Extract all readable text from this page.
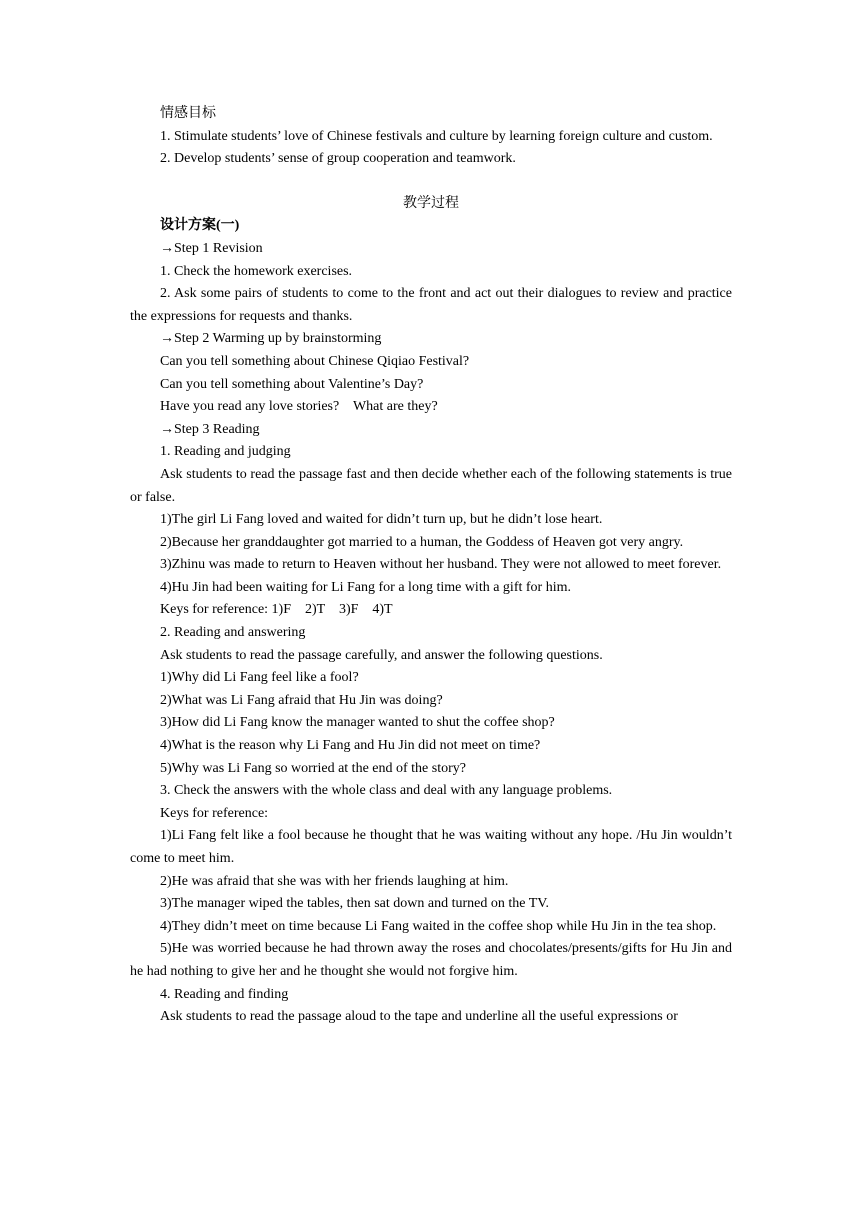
情感目标

1. Stimulate students’ love of Chinese festivals and culture by learning foreign culture and custom.

2. Develop students’ sense of group cooperation and teamwork.

教学过程

设计方案(一)

→Step 1 Revision

1. Check the homework exercises.

2. Ask some pairs of students to come to the front and act out their dialogues to review and practice the expressions for requests and thanks.

→Step 2 Warming up by brainstorming

Can you tell something about Chinese Qiqiao Festival?

Can you tell something about Valentine’s Day?

Have you read any love stories?    What are they?

→Step 3 Reading

1. Reading and judging

Ask students to read the passage fast and then decide whether each of the following statements is true or false.

1)The girl Li Fang loved and waited for didn’t turn up, but he didn’t lose heart.

2)Because her granddaughter got married to a human, the Goddess of Heaven got very angry.

3)Zhinu was made to return to Heaven without her husband. They were not allowed to meet forever.

4)Hu Jin had been waiting for Li Fang for a long time with a gift for him.

Keys for reference: 1)F    2)T    3)F    4)T

2. Reading and answering

Ask students to read the passage carefully, and answer the following questions.

1)Why did Li Fang feel like a fool?

2)What was Li Fang afraid that Hu Jin was doing?

3)How did Li Fang know the manager wanted to shut the coffee shop?

4)What is the reason why Li Fang and Hu Jin did not meet on time?

5)Why was Li Fang so worried at the end of the story?

3. Check the answers with the whole class and deal with any language problems.

Keys for reference:

1)Li Fang felt like a fool because he thought that he was waiting without any hope. /Hu Jin wouldn’t come to meet him.

2)He was afraid that she was with her friends laughing at him.

3)The manager wiped the tables, then sat down and turned on the TV.

4)They didn’t meet on time because Li Fang waited in the coffee shop while Hu Jin in the tea shop.

5)He was worried because he had thrown away the roses and chocolates/presents/gifts for Hu Jin and he had nothing to give her and he thought she would not forgive him.

4. Reading and finding

Ask students to read the passage aloud to the tape and underline all the useful expressions or
